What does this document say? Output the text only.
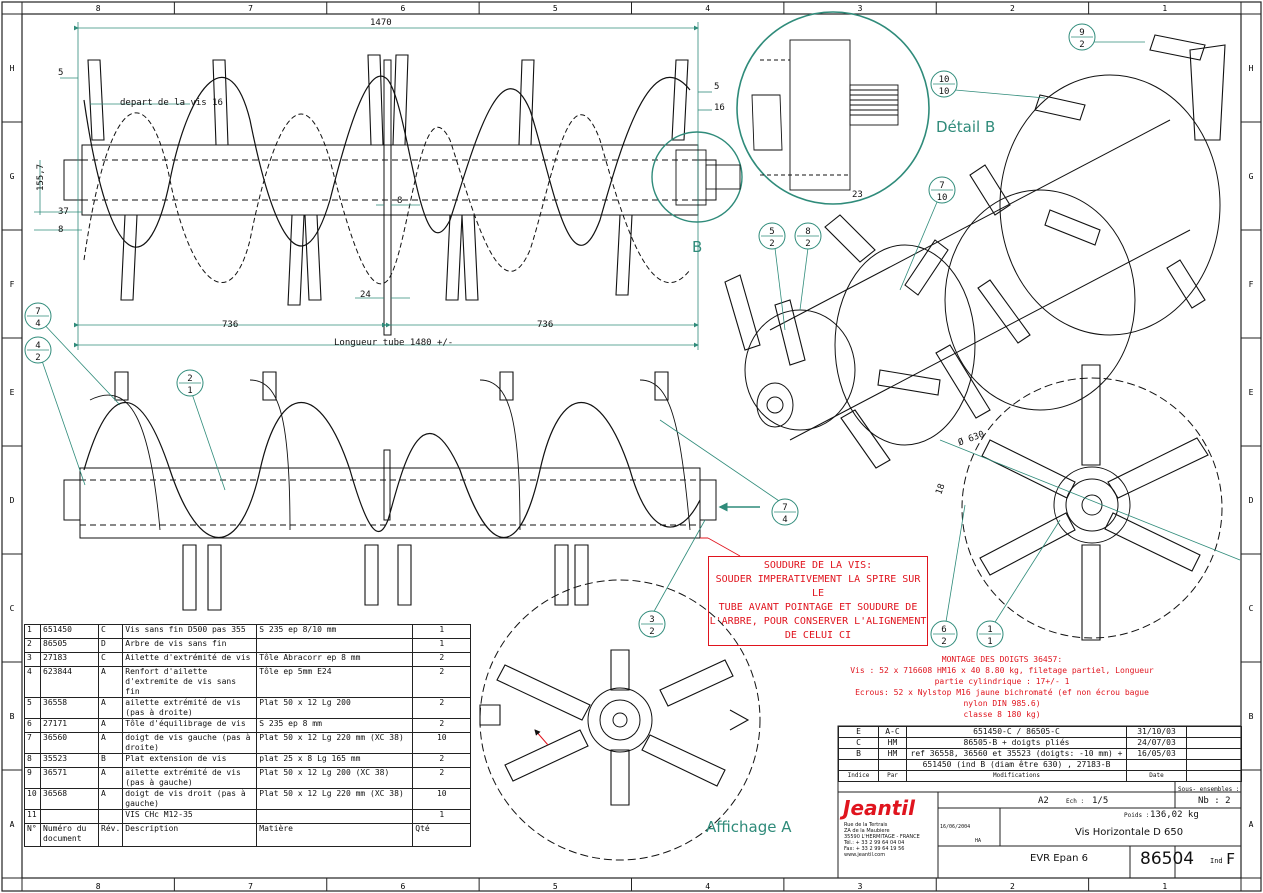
9
2
10
10
7
10
5
2
8
2
7
4
4
2
2
1
7
4
3
2	6
2
1
1
8
8
7
7
6
6
5
5
4
4
3
3
2
2
1
1
H	H
G	G
F	F
E	E
D	D
C	C
B	B
A	A
1470
736	736
Longueur tube 1480 +/-
5
5
16
155,7
37
8
8
24
depart de la vis 16
23
Ø 630
18
Détail B
B
Affichage A
SOUDURE DE LA VIS:
SOUDER IMPERATIVEMENT LA SPIRE SUR LE
TUBE AVANT POINTAGE ET SOUDURE DE
L'ARBRE, POUR CONSERVER L'ALIGNEMENT
DE CELUI CI
MONTAGE DES DOIGTS 36457:
Vis : 52 x 716608 HM16 x 40 8.80 kg, filetage partiel, Longueur partie cylindrique : 17+/- 1
Ecrous: 52 x Nylstop M16 jaune bichromaté (ef non écrou bague nylon DIN 985.6)
classe 8 180 kg)
1	651450	C	Vis sans fin D500 pas 355	S 235 ep 8/10 mm	1
2	86505	D	Arbre de vis sans fin		1
3	27183	C	Ailette d'extrémité de vis	Tôle Abracorr ep 8 mm	2
4	623844	A	Renfort d'ailette d'extremite de vis sans fin	Tôle ep 5mm E24	2
5	36558	A	ailette extrémité de vis (pas à droite)	Plat 50 x 12 Lg 200	2
6	27171	A	Tôle d'équilibrage de vis	S 235 ep 8 mm	2
7	36560	A	doigt de vis gauche (pas à droite)	Plat 50 x 12 Lg 220 mm (XC 38)	10
8	35523	B	Plat extension de vis	plat 25 x 8 Lg 165 mm	2
9	36571	A	ailette extrémité de vis (pas à gauche)	Plat 50 x 12 Lg 200 (XC 38)	2
10	36568	A	doigt de vis droit (pas à gauche)	Plat 50 x 12 Lg 220 mm (XC 38)	10
11			VIS CHc M12-35		1
N°	Numéro du document	Rév.	Description	Matière	Qté
E	A-C	651450-C / 86505-C	31/10/03	
C	HM	86505-B + doigts pliés	24/07/03	
B	HM	ref 36558, 36560 et 35523 (doigts: -10 mm) +	16/05/03	
		651450 (ind B (diam être 630) , 27183-B		
Indice	Par	Modifications	Date	
Jeantil
Rue de la Tertrais
ZA de la Maubiere
35590 L'HERMITAGE - FRANCE
Tél.: + 33 2 99 64 04 04
Fax: + 33 2 99 64 19 56
www.jeantil.com
A2	Ech : 1/5
Poids : 136,02 kg
Nb : 2
Vis Horizontale D 650
16/06/2004
HA
EVR Epan 6	86504 Ind :
F
Sous- ensembles :
